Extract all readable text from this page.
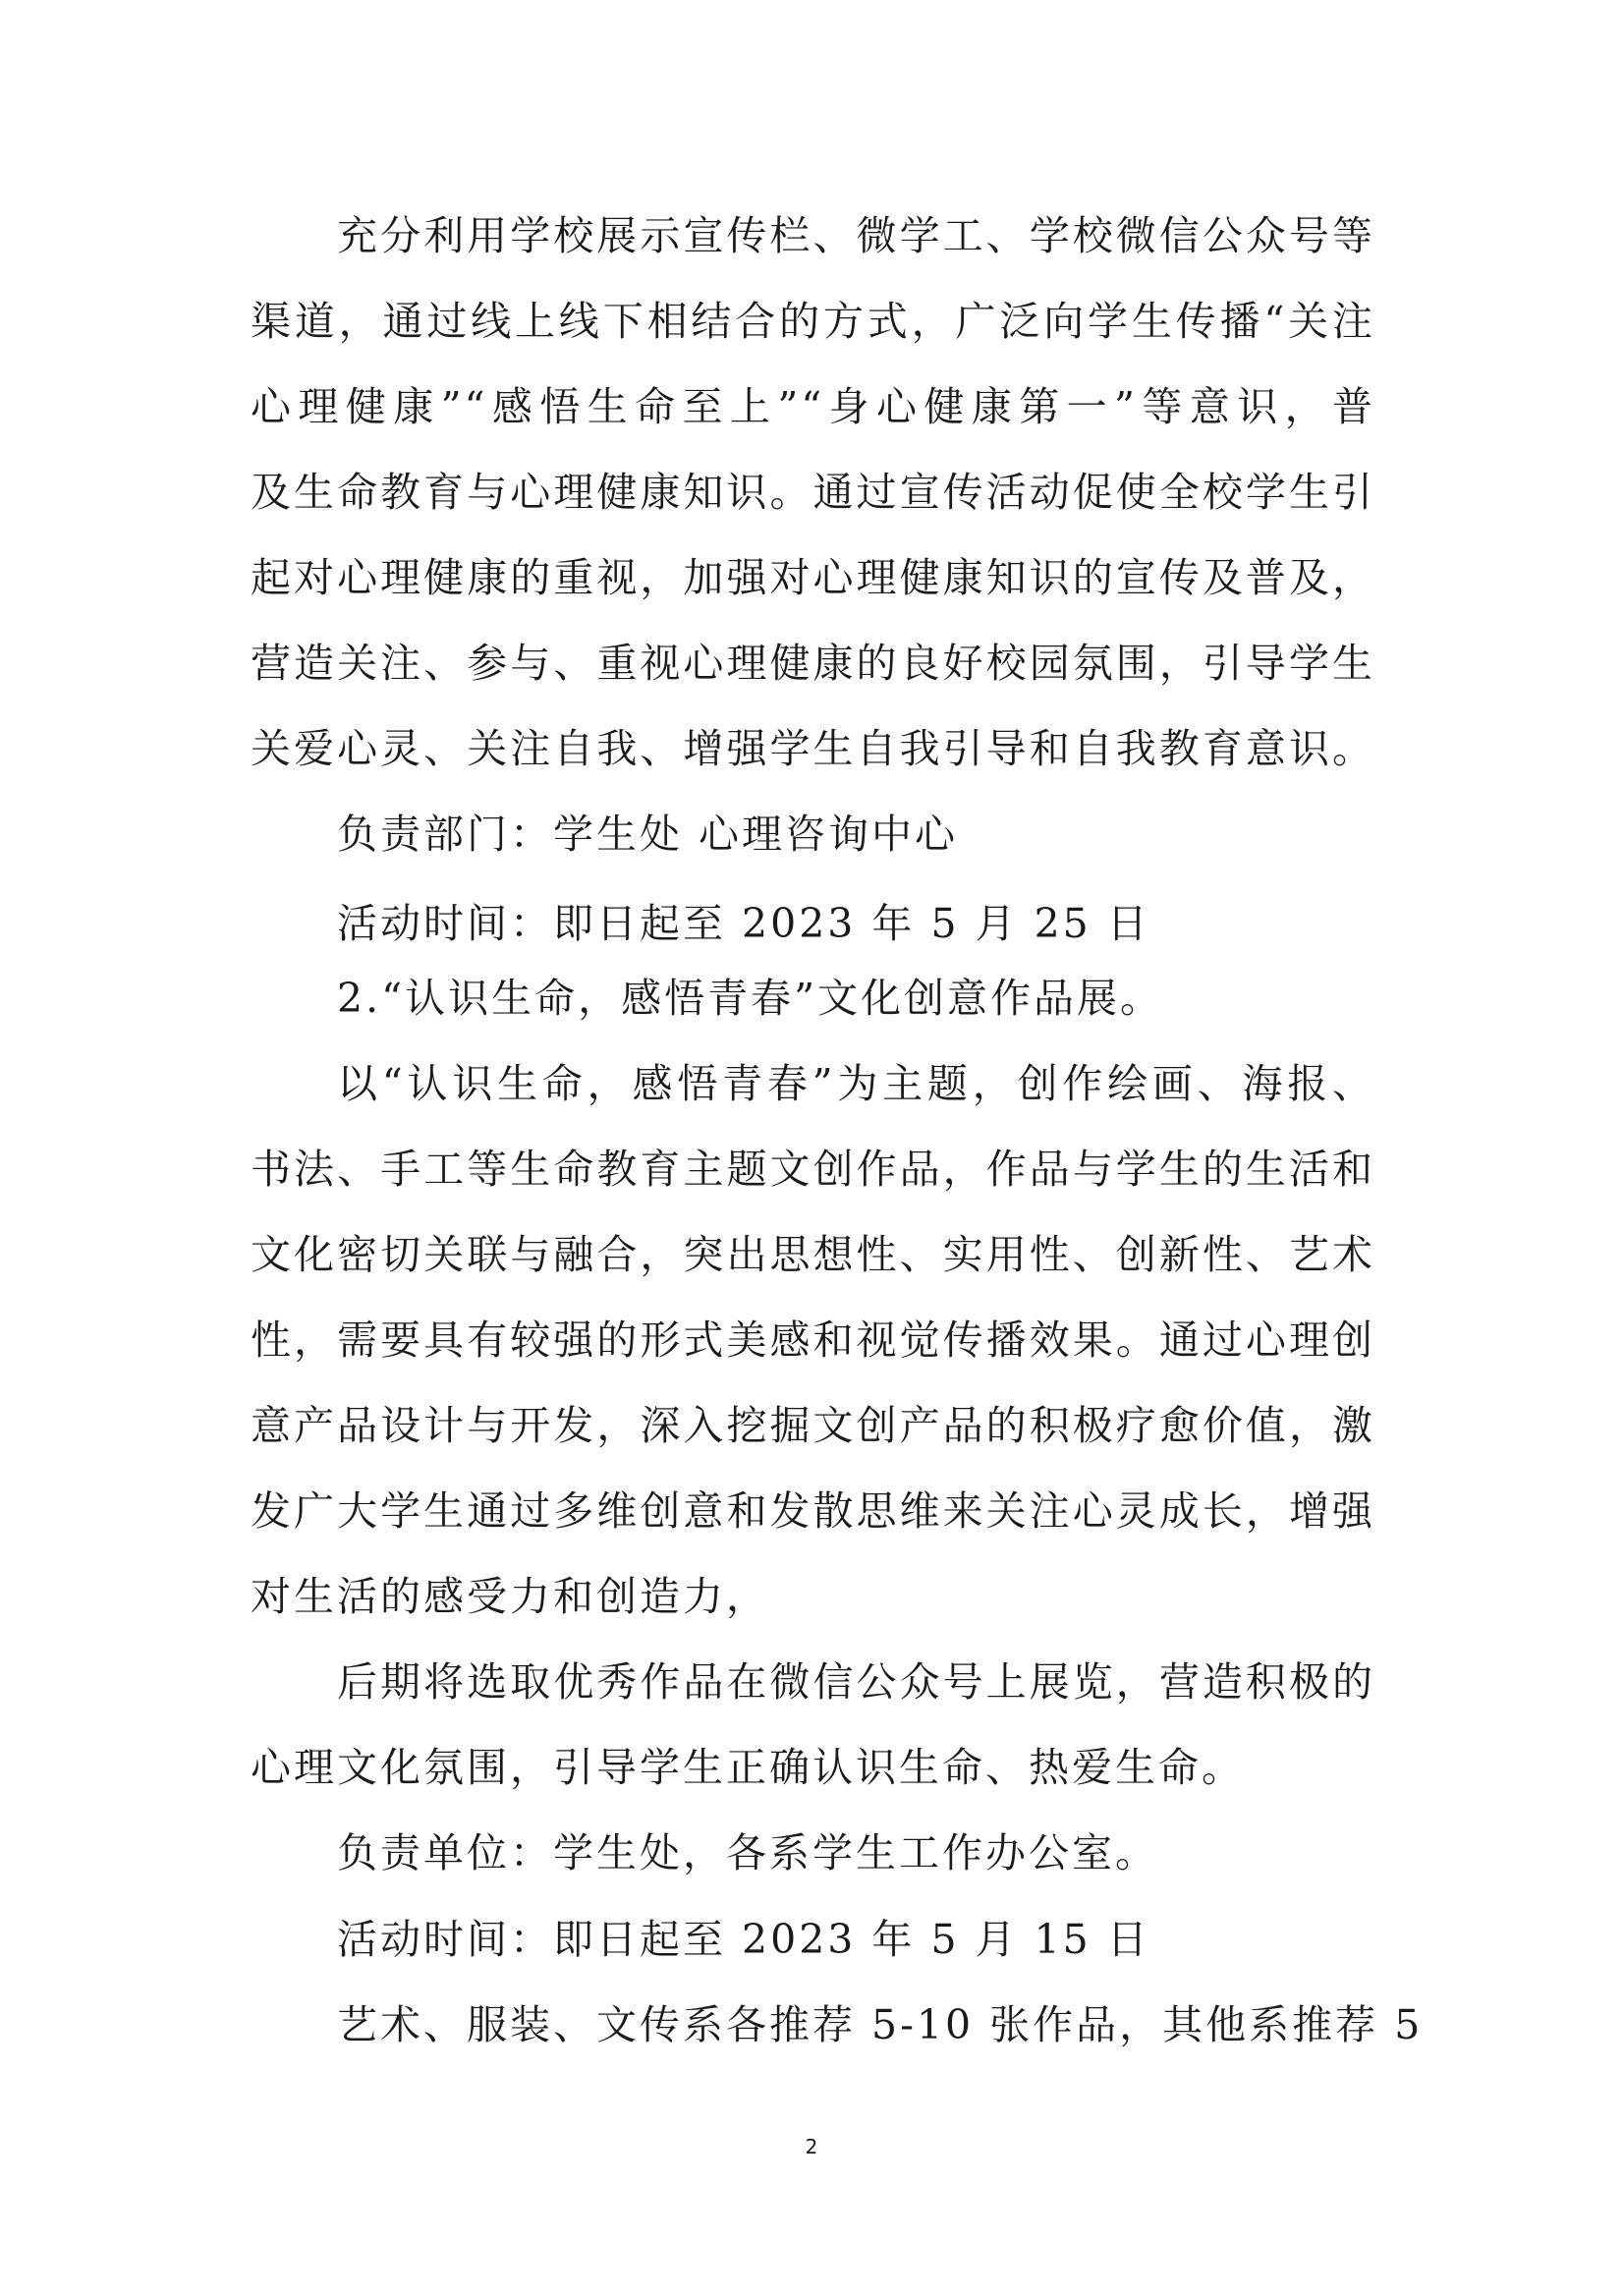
充分利用学校展示宣传栏、微学工、学校微信公众号等
渠道，通过线上线下相结合的方式，广泛向学生传播“关注
心理健康”“感悟生命至上”“身心健康第一”等意识，普
及生命教育与心理健康知识。通过宣传活动促使全校学生引
起对心理健康的重视，加强对心理健康知识的宣传及普及，
营造关注、参与、重视心理健康的良好校园氛围，引导学生
关爱心灵、关注自我、增强学生自我引导和自我教育意识。
负责部门：学生处 心理咨询中心
活动时间：即日起至 2023 年 5 月 25 日
2.“认识生命，感悟青春”文化创意作品展。
以“认识生命，感悟青春”为主题，创作绘画、海报、
书法、手工等生命教育主题文创作品，作品与学生的生活和
文化密切关联与融合，突出思想性、实用性、创新性、艺术
性，需要具有较强的形式美感和视觉传播效果。通过心理创
意产品设计与开发，深入挖掘文创产品的积极疗愈价值，激
发广大学生通过多维创意和发散思维来关注心灵成长，增强
对生活的感受力和创造力，
后期将选取优秀作品在微信公众号上展览，营造积极的
心理文化氛围，引导学生正确认识生命、热爱生命。
负责单位：学生处，各系学生工作办公室。
活动时间：即日起至 2023 年 5 月 15 日
艺术、服装、文传系各推荐 5-10 张作品，其他系推荐 5
2
